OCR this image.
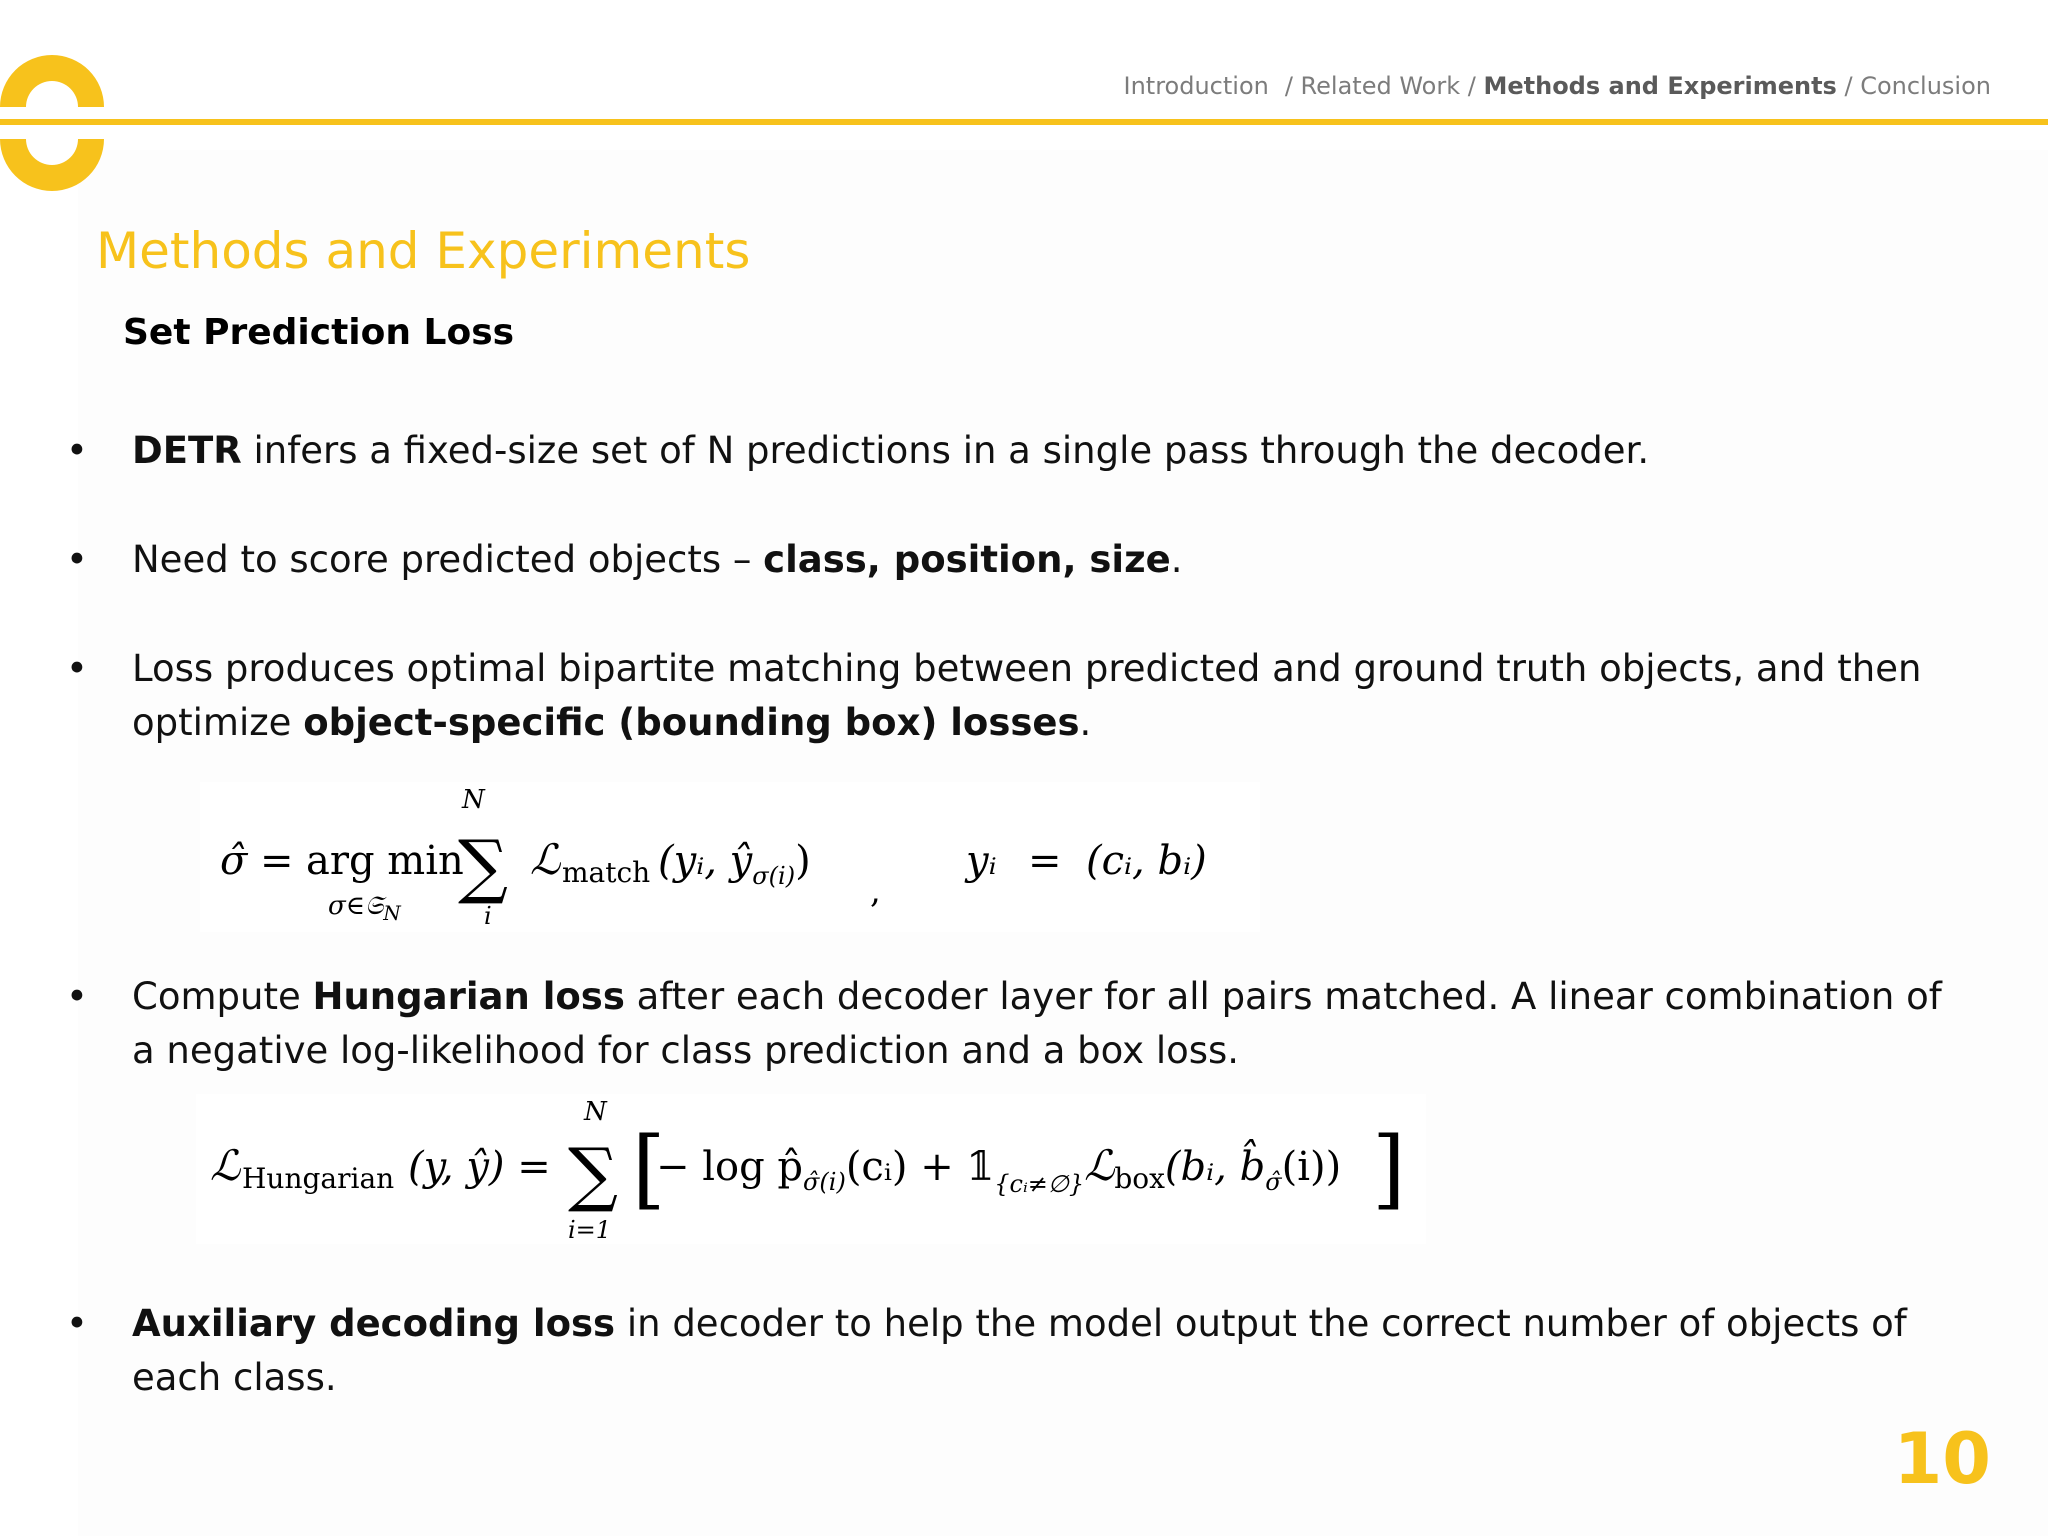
Introduction / Related Work / Methods and Experiments / Conclusion
Methods and Experiments
Set Prediction Loss
• DETR infers a fixed-size set of N predictions in a single pass through the decoder.
• Need to score predicted objects – class, position, size.
• Loss produces optimal bipartite matching between predicted and ground truth objects, and then optimize object-specific (bounding box) losses.
σ̂ = arg min
σ∈𝔖$_N$
N
∑
i
ℒ match (yᵢ, $ŷ_{\sigma(i)}$)
,
yᵢ = (cᵢ, bᵢ)
• Compute Hungarian loss after each decoder layer for all pairs matched. A linear combination of a negative log-likelihood for class prediction and a box loss.
ℒ Hungarian (y, ŷ) =
N
∑
i=1
[
− $\log p̂_{\sigmâ(i)}(cᵢ)$ + $𝟙_{\{cᵢ\ne\emptyset\}}ℒ_{box}(bᵢ$, $b̂_{\sigmâ}(i)$) ]
• Auxiliary decoding loss in decoder to help the model output the correct number of objects of each class.
10
